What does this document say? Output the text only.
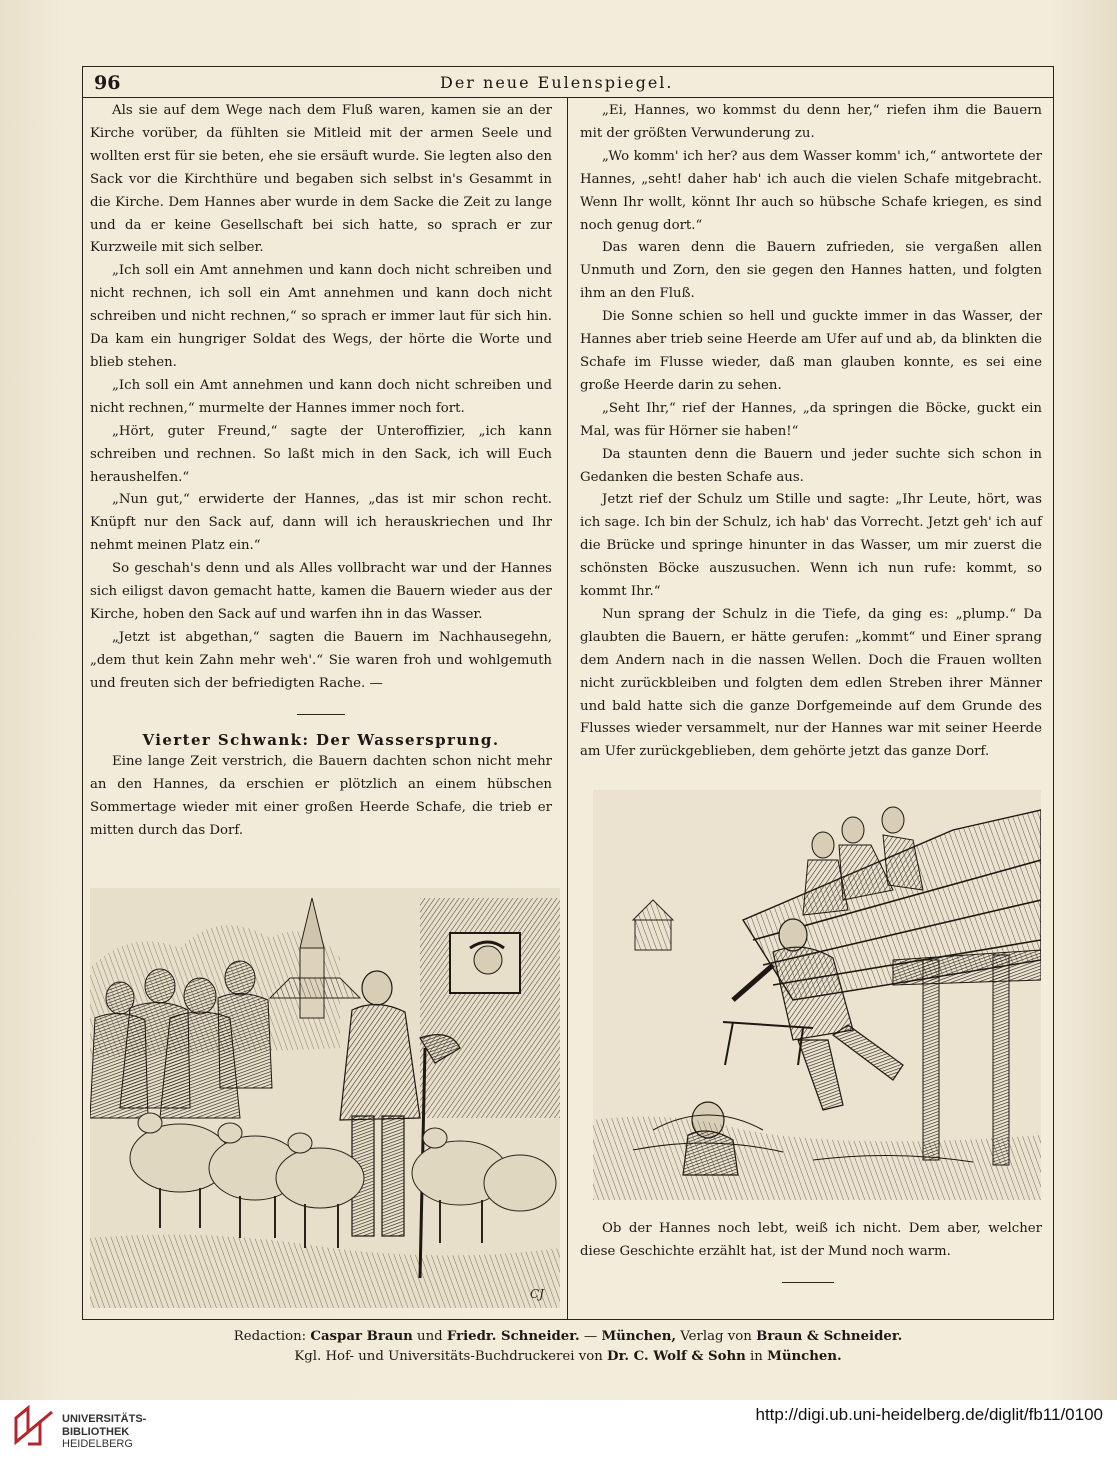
96	Der neue Eulenspiegel.

Als sie auf dem Wege nach dem Fluß waren, kamen sie an der Kirche vorüber, da fühlten sie Mitleid mit der armen Seele und wollten erst für sie beten, ehe sie ersäuft wurde. Sie legten also den Sack vor die Kirchthüre und begaben sich selbst in's Gesammt in die Kirche. Dem Hannes aber wurde in dem Sacke die Zeit zu lange und da er keine Gesellschaft bei sich hatte, so sprach er zur Kurzweile mit sich selber.

„Ich soll ein Amt annehmen und kann doch nicht schreiben und nicht rechnen, ich soll ein Amt annehmen und kann doch nicht schreiben und nicht rechnen,“ so sprach er immer laut für sich hin. Da kam ein hungriger Soldat des Wegs, der hörte die Worte und blieb stehen.

„Ich soll ein Amt annehmen und kann doch nicht schreiben und nicht rechnen,“ murmelte der Hannes immer noch fort.

„Hört, guter Freund,“ sagte der Unteroffizier, „ich kann schreiben und rechnen. So laßt mich in den Sack, ich will Euch heraushelfen.“

„Nun gut,“ erwiderte der Hannes, „das ist mir schon recht. Knüpft nur den Sack auf, dann will ich herauskriechen und Ihr nehmt meinen Platz ein.“

So geschah's denn und als Alles vollbracht war und der Hannes sich eiligst davon gemacht hatte, kamen die Bauern wieder aus der Kirche, hoben den Sack auf und warfen ihn in das Wasser.

„Jetzt ist abgethan,“ sagten die Bauern im Nachhausegehn, „dem thut kein Zahn mehr weh'.“ Sie waren froh und wohlgemuth und freuten sich der befriedigten Rache. —

Vierter Schwank: Der Wassersprung.

Eine lange Zeit verstrich, die Bauern dachten schon nicht mehr an den Hannes, da erschien er plötzlich an einem hübschen Sommertage wieder mit einer großen Heerde Schafe, die trieb er mitten durch das Dorf.

CJ

„Ei, Hannes, wo kommst du denn her,“ riefen ihm die Bauern mit der größten Verwunderung zu.

„Wo komm' ich her? aus dem Wasser komm' ich,“ antwortete der Hannes, „seht! daher hab' ich auch die vielen Schafe mitgebracht. Wenn Ihr wollt, könnt Ihr auch so hübsche Schafe kriegen, es sind noch genug dort.“

Das waren denn die Bauern zufrieden, sie vergaßen allen Unmuth und Zorn, den sie gegen den Hannes hatten, und folgten ihm an den Fluß.

Die Sonne schien so hell und guckte immer in das Wasser, der Hannes aber trieb seine Heerde am Ufer auf und ab, da blinkten die Schafe im Flusse wieder, daß man glauben konnte, es sei eine große Heerde darin zu sehen.

„Seht Ihr,“ rief der Hannes, „da springen die Böcke, guckt ein Mal, was für Hörner sie haben!“

Da staunten denn die Bauern und jeder suchte sich schon in Gedanken die besten Schafe aus.

Jetzt rief der Schulz um Stille und sagte: „Ihr Leute, hört, was ich sage. Ich bin der Schulz, ich hab' das Vorrecht. Jetzt geh' ich auf die Brücke und springe hinunter in das Wasser, um mir zuerst die schönsten Böcke auszusuchen. Wenn ich nun rufe: kommt, so kommt Ihr.“

Nun sprang der Schulz in die Tiefe, da ging es: „plump.“ Da glaubten die Bauern, er hätte gerufen: „kommt“ und Einer sprang dem Andern nach in die nassen Wellen. Doch die Frauen wollten nicht zurückbleiben und folgten dem edlen Streben ihrer Männer und bald hatte sich die ganze Dorfgemeinde auf dem Grunde des Flusses wieder versammelt, nur der Hannes war mit seiner Heerde am Ufer zurückgeblieben, dem gehörte jetzt das ganze Dorf.

Ob der Hannes noch lebt, weiß ich nicht. Dem aber, welcher diese Geschichte erzählt hat, ist der Mund noch warm.

Redaction: Caspar Braun und Friedr. Schneider. — München, Verlag von Braun & Schneider.
Kgl. Hof- und Universitäts-Buchdruckerei von Dr. C. Wolf & Sohn in München.
UNIVERSITÄTS-
BIBLIOTHEK
HEIDELBERG
http://digi.ub.uni-heidelberg.de/diglit/fb11/0100
